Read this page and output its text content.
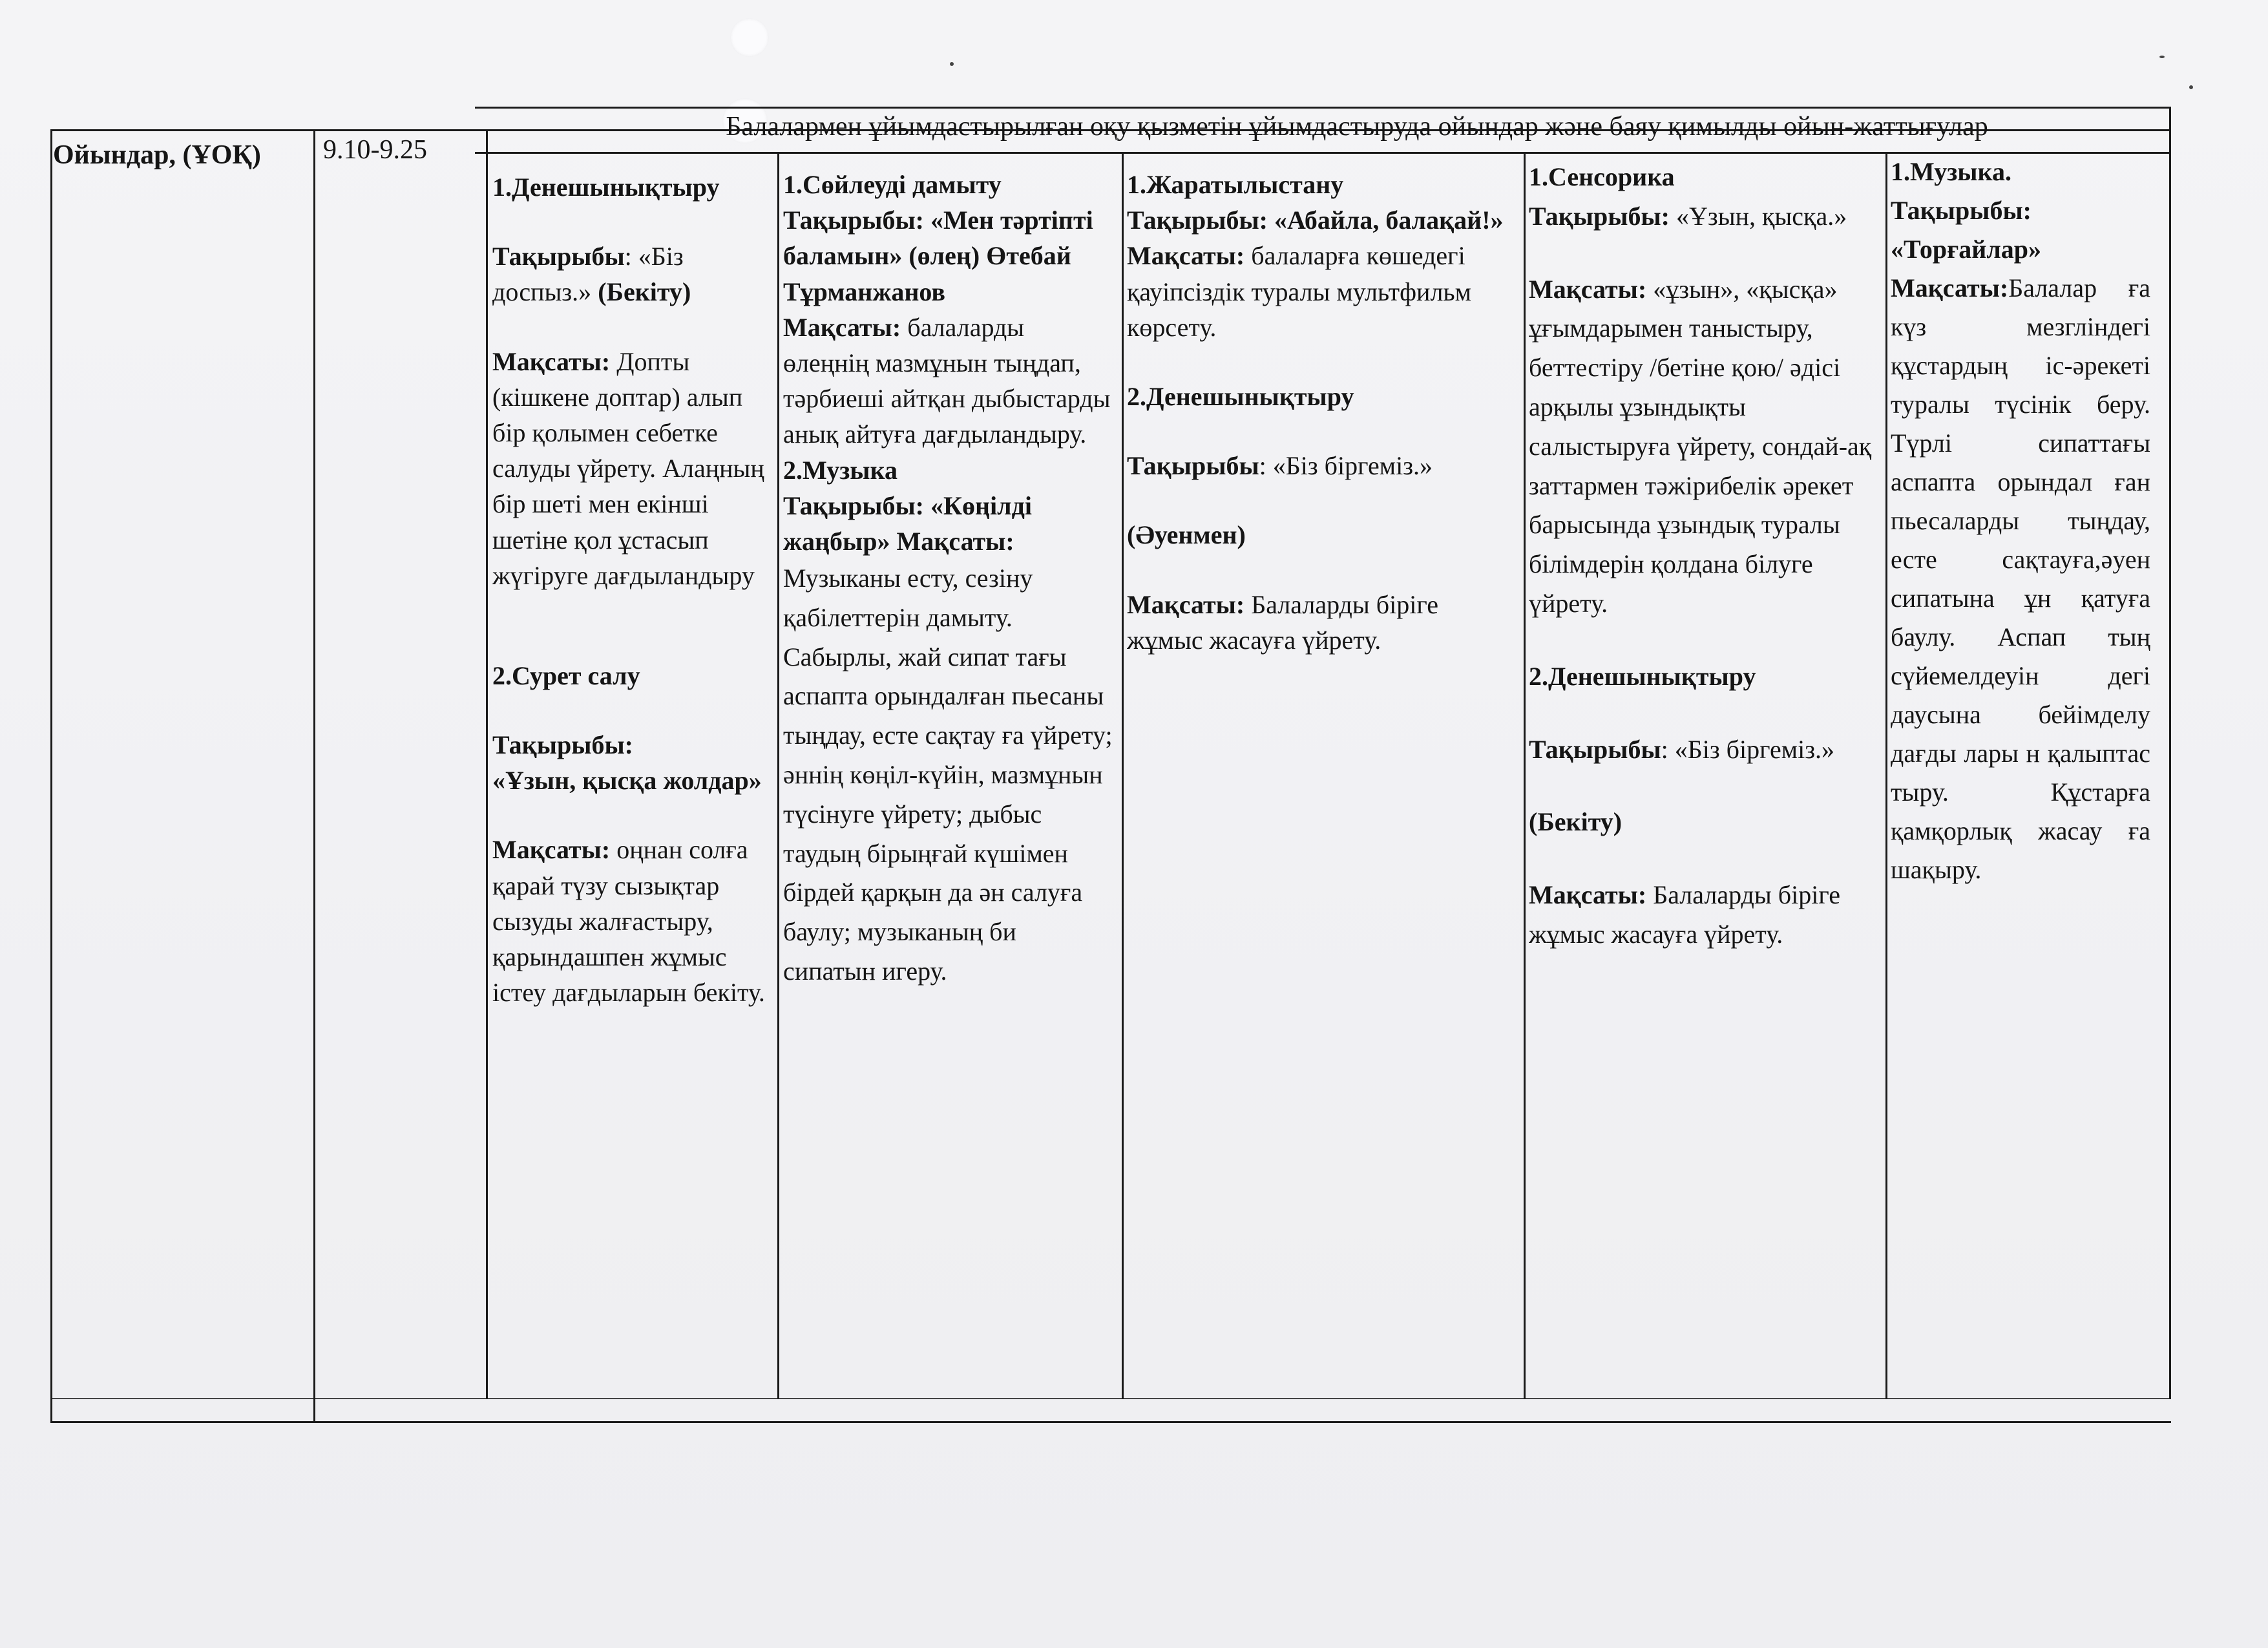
Ойындар, (ҰОҚ)	9.10-9.25
Балалармен ұйымдастырылған оқу қызметін ұйымдастыруда ойындар және баяу қимылды ойын-жаттығулар

1.Денешынықтыру

Тақырыбы: «Біз доспыз.» (Бекіту)

Мақсаты: Допты (кішкене доптар) алып бір қолымен себетке салуды үйрету. Алаңның бір шеті мен екінші шетіне қол ұстасып жүгіруге дағдыландыру

2.Сурет салу

Тақырыбы:

«Ұзын, қысқа жолдар»

Мақсаты: оңнан солға қарай түзу сызықтар сызуды жалғастыру, қарындашпен жұмыс істеу дағдыларын бекіту.

1.Сөйлеуді дамыту

Тақырыбы: «Мен тәртіпті баламын» (өлең) Өтебай Тұрманжанов

Мақсаты: балаларды өлеңнің мазмұнын тыңдап, тәрбиеші айтқан дыбыстарды анық айтуға дағдыландыру.

2.Музыка

Тақырыбы: «Көңілді жаңбыр» Мақсаты:

Музыканы есту, сезіну қабілеттерін дамыту. Сабырлы, жай сипат тағы аспапта орындалған пьесаны тыңдау, есте сақтау ға үйрету; әннің көңіл-күйін, мазмұнын түсінуге үйрету; дыбыс таудың бірыңғай күшімен бірдей қарқын да ән салуға баулу; музыканың би сипатын игеру.

1.Жаратылыстану

Тақырыбы: «Абайла, балақай!»

Мақсаты: балаларға көшедегі қауіпсіздік туралы мультфильм көрсету.

2.Денешынықтыру

Тақырыбы: «Біз біргеміз.»

(Әуенмен)

Мақсаты: Балаларды біріге жұмыс жасауға үйрету.

1.Сенсорика

Тақырыбы: «Ұзын, қысқа.»

Мақсаты: «ұзын», «қысқа» ұғымдарымен таныстыру, беттестіру /бетіне қою/ әдісі арқылы ұзындықты салыстыруға үйрету, сондай-ақ заттармен тәжірибелік әрекет барысында ұзындық туралы білімдерін қолдана білуге үйрету.

2.Денешынықтыру

Тақырыбы: «Біз біргеміз.»

(Бекіту)

Мақсаты: Балаларды біріге жұмыс жасауға үйрету.

1.Музыка.

Тақырыбы:

«Торғайлар»

Мақсаты:Балалар ға күз мезгліндегі құстардың іс-әрекеті туралы түсінік беру. Түрлі сипаттағы аспапта орындал ған пьесаларды тыңдау, есте сақтауға,әуен сипатына ұн қатуға баулу. Аспап тың сүйемелдеуін дегі даусына бейімделу дағды лары н қалыптас тыру. Құстарға қамқорлық жасау ға шақыру.
